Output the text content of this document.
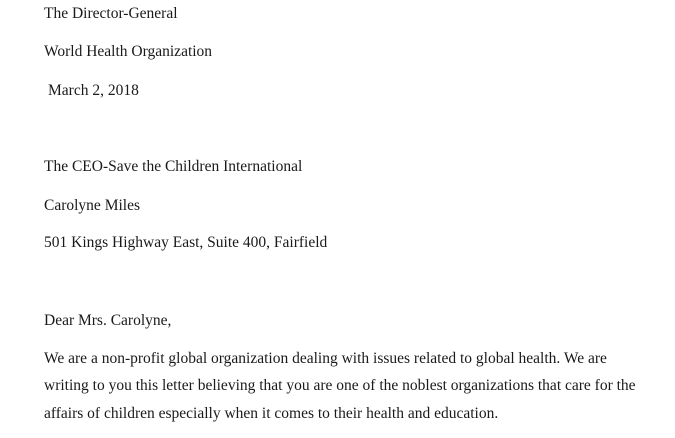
The Director-General
World Health Organization
March 2, 2018
The CEO-Save the Children International
Carolyne Miles
501 Kings Highway East, Suite 400, Fairfield
Dear Mrs. Carolyne,
We are a non-profit global organization dealing with issues related to global health. We are
writing to you this letter believing that you are one of the noblest organizations that care for the
affairs of children especially when it comes to their health and education.
